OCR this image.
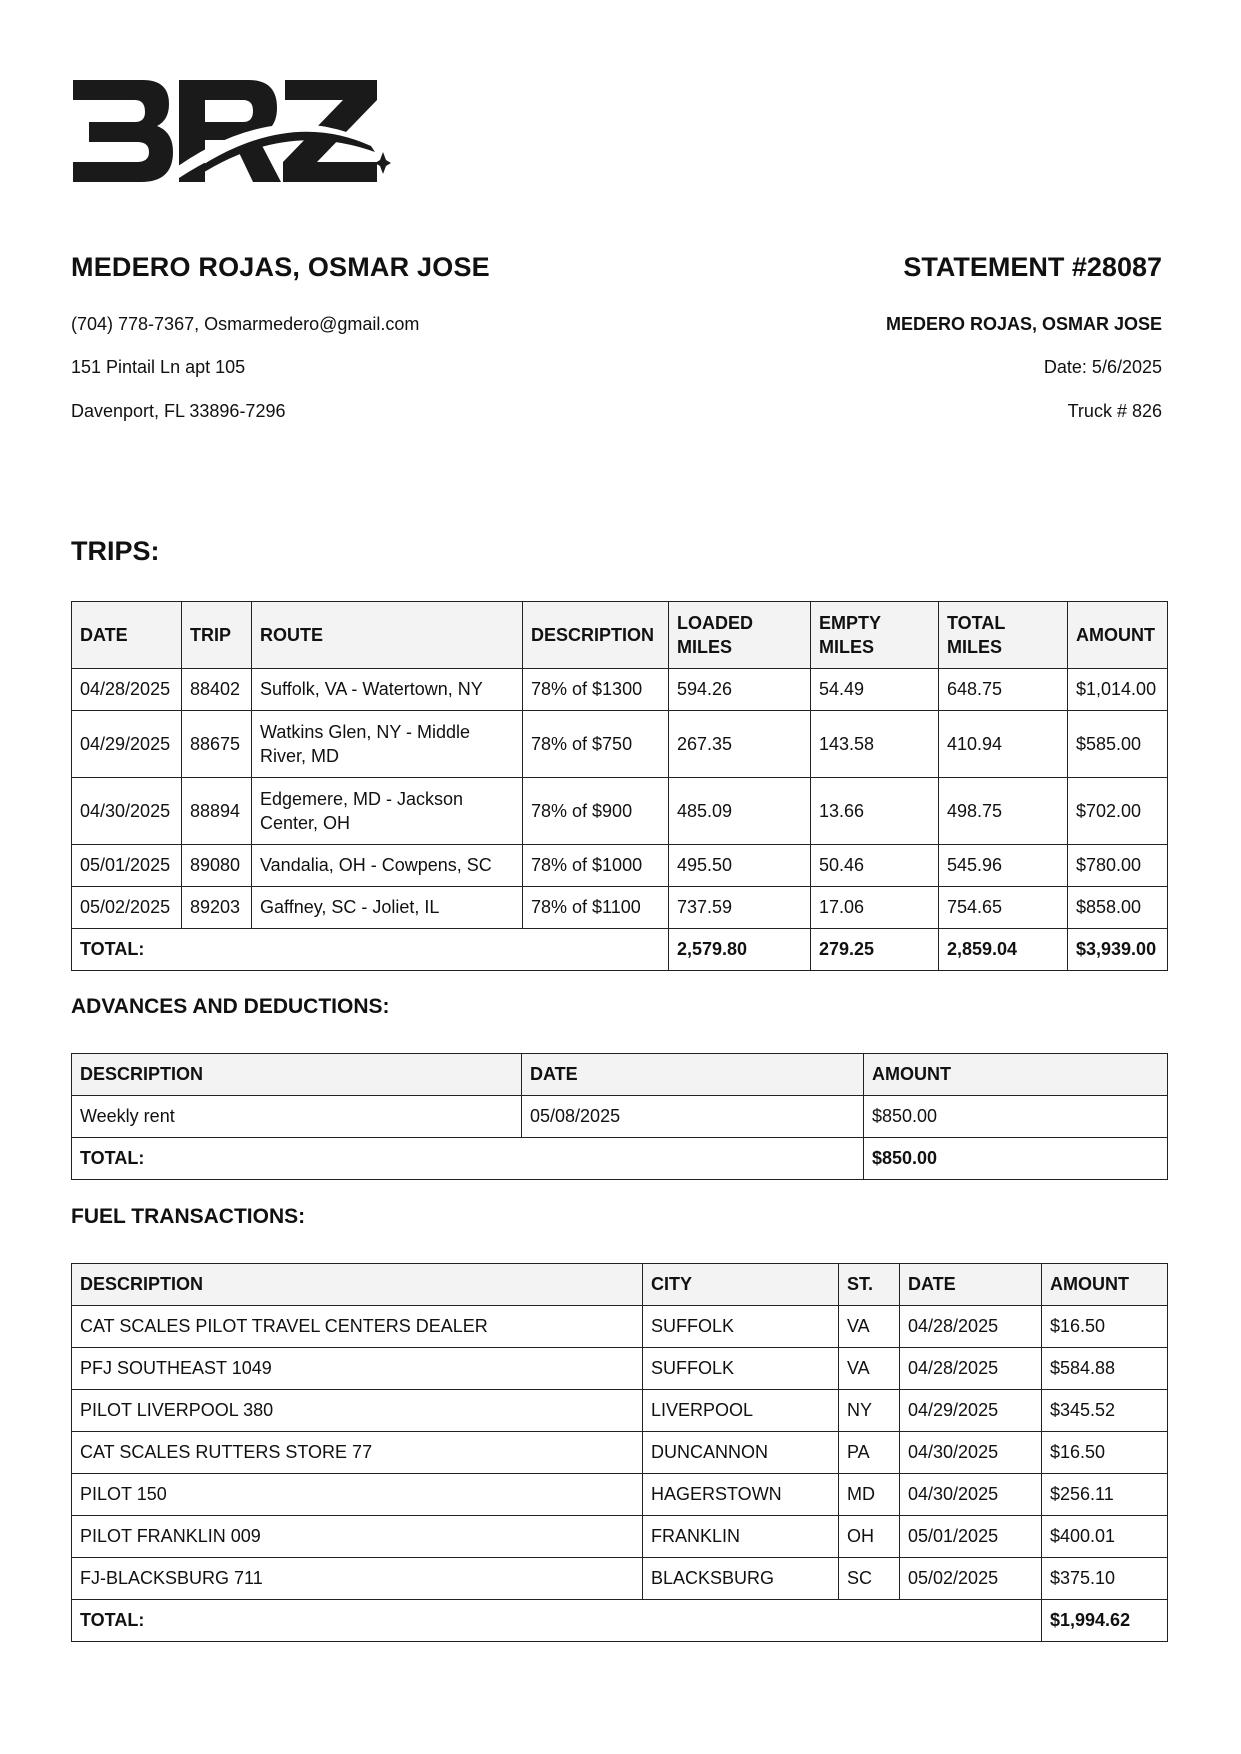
MEDERO ROJAS, OSMAR JOSE
(704) 778-7367, Osmarmedero@gmail.com
151 Pintail Ln apt 105
Davenport, FL 33896-7296
STATEMENT #28087
MEDERO ROJAS, OSMAR JOSE
Date: 5/6/2025
Truck # 826
TRIPS:
DATE	TRIP	ROUTE	DESCRIPTION	LOADED MILES	EMPTY MILES	TOTAL MILES	AMOUNT
04/28/2025	88402	Suffolk, VA - Watertown, NY	78% of $1300	594.26	54.49	648.75	$1,014.00
04/29/2025	88675	Watkins Glen, NY - Middle River, MD	78% of $750	267.35	143.58	410.94	$585.00
04/30/2025	88894	Edgemere, MD - Jackson Center, OH	78% of $900	485.09	13.66	498.75	$702.00
05/01/2025	89080	Vandalia, OH - Cowpens, SC	78% of $1000	495.50	50.46	545.96	$780.00
05/02/2025	89203	Gaffney, SC - Joliet, IL	78% of $1100	737.59	17.06	754.65	$858.00
TOTAL:				2,579.80	279.25	2,859.04	$3,939.00
ADVANCES AND DEDUCTIONS:
DESCRIPTION	DATE	AMOUNT
Weekly rent	05/08/2025	$850.00
TOTAL:		$850.00
FUEL TRANSACTIONS:
DESCRIPTION	CITY	ST.	DATE	AMOUNT
CAT SCALES PILOT TRAVEL CENTERS DEALER	SUFFOLK	VA	04/28/2025	$16.50
PFJ SOUTHEAST 1049	SUFFOLK	VA	04/28/2025	$584.88
PILOT LIVERPOOL 380	LIVERPOOL	NY	04/29/2025	$345.52
CAT SCALES RUTTERS STORE 77	DUNCANNON	PA	04/30/2025	$16.50
PILOT 150	HAGERSTOWN	MD	04/30/2025	$256.11
PILOT FRANKLIN 009	FRANKLIN	OH	05/01/2025	$400.01
FJ-BLACKSBURG 711	BLACKSBURG	SC	05/02/2025	$375.10
TOTAL:				$1,994.62
